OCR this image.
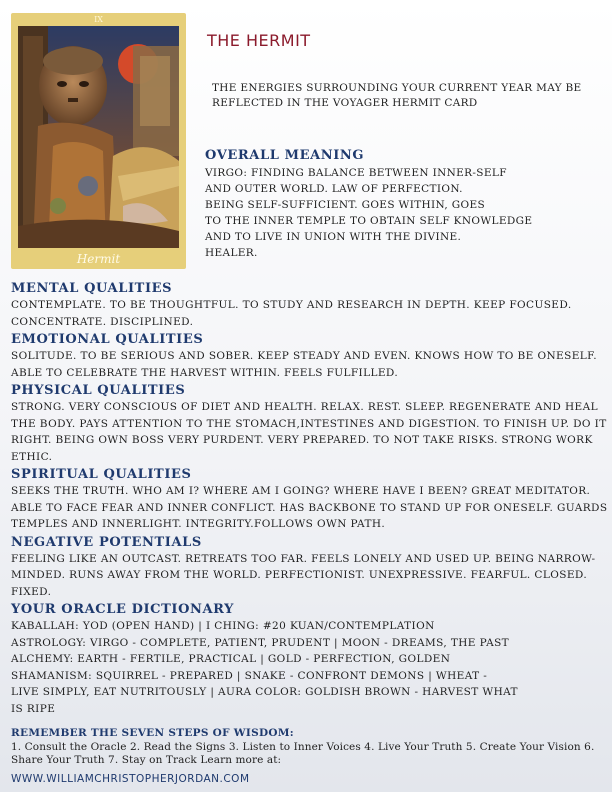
IX
Hermit
THE HERMIT
THE ENERGIES SURROUNDING YOUR CURRENT YEAR MAY BE REFLECTED IN THE VOYAGER HERMIT CARD
OVERALL MEANING

VIRGO: FINDING BALANCE BETWEEN INNER-SELF
AND OUTER WORLD. LAW OF PERFECTION.
BEING SELF-SUFFICIENT. GOES WITHIN, GOES
TO THE INNER TEMPLE TO OBTAIN SELF KNOWLEDGE
AND TO LIVE IN UNION WITH THE DIVINE.
HEALER.

MENTAL QUALITIES

CONTEMPLATE. TO BE THOUGHTFUL. TO STUDY AND RESEARCH IN DEPTH. KEEP FOCUSED. CONCENTRATE. DISCIPLINED.

EMOTIONAL QUALITIES

SOLITUDE. TO BE SERIOUS AND SOBER. KEEP STEADY AND EVEN. KNOWS HOW TO BE ONESELF. ABLE TO CELEBRATE THE HARVEST WITHIN. FEELS FULFILLED.

PHYSICAL QUALITIES

STRONG. VERY CONSCIOUS OF DIET AND HEALTH. RELAX. REST. SLEEP. REGENERATE AND HEAL THE BODY. PAYS ATTENTION TO THE STOMACH,INTESTINES AND DIGESTION. TO FINISH UP. DO IT RIGHT. BEING OWN BOSS VERY PURDENT. VERY PREPARED. TO NOT TAKE RISKS. STRONG WORK ETHIC.

SPIRITUAL QUALITIES

SEEKS THE TRUTH. WHO AM I? WHERE AM I GOING? WHERE HAVE I BEEN? GREAT MEDITATOR. ABLE TO FACE FEAR AND INNER CONFLICT. HAS BACKBONE TO STAND UP FOR ONESELF. GUARDS TEMPLES AND INNERLIGHT. INTEGRITY.FOLLOWS OWN PATH.

NEGATIVE POTENTIALS

FEELING LIKE AN OUTCAST. RETREATS TOO FAR. FEELS LONELY AND USED UP. BEING NARROW-MINDED. RUNS AWAY FROM THE WORLD. PERFECTIONIST. UNEXPRESSIVE. FEARFUL. CLOSED. FIXED.

YOUR ORACLE DICTIONARY

KABALLAH: YOD (OPEN HAND) | I CHING: #20 KUAN/CONTEMPLATION
ASTROLOGY: VIRGO - COMPLETE, PATIENT, PRUDENT | MOON - DREAMS, THE PAST
ALCHEMY: EARTH - FERTILE, PRACTICAL | GOLD - PERFECTION, GOLDEN
SHAMANISM: SQUIRREL - PREPARED | SNAKE - CONFRONT DEMONS | WHEAT -
LIVE SIMPLY, EAT NUTRITOUSLY | AURA COLOR: GOLDISH BROWN - HARVEST WHAT
IS RIPE

REMEMBER THE SEVEN STEPS OF WISDOM:

1. Consult the Oracle 2. Read the Signs 3. Listen to Inner Voices 4. Live Your Truth 5. Create Your Vision 6. Share Your Truth 7. Stay on Track Learn more at:

WWW.WILLIAMCHRISTOPHERJORDAN.COM
